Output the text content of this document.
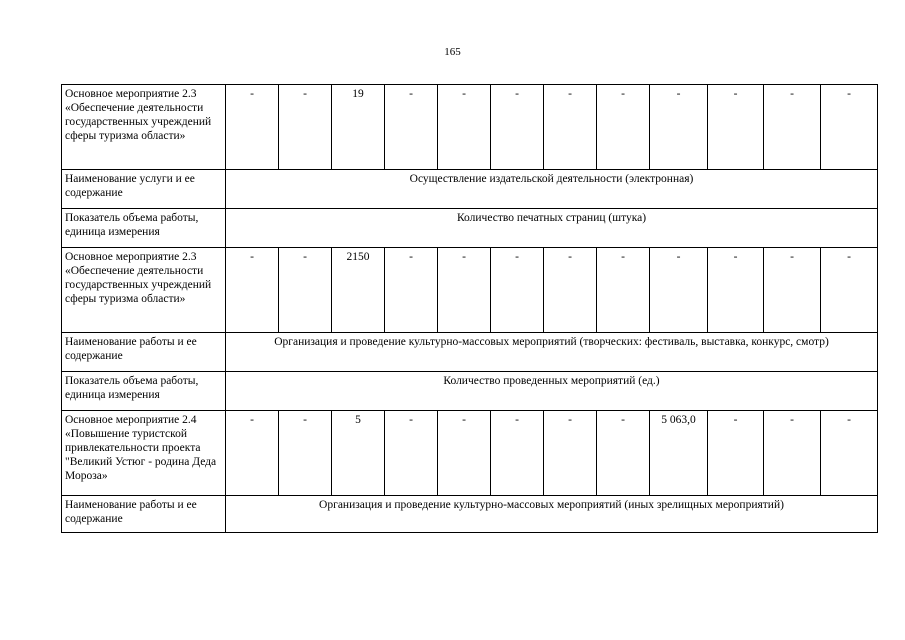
165
Основное мероприятие 2.3 «Обеспечение деятельности государственных учреждений сферы туризма области»	-	-	19	-	-	-	-	-	-	-	-	-
Наименование услуги и ее содержание	Осуществление издательской деятельности (электронная)											
Показатель объема работы, единица измерения	Количество печатных страниц (штука)											
Основное мероприятие 2.3 «Обеспечение деятельности государственных учреждений сферы туризма области»	-	-	2150	-	-	-	-	-	-	-	-	-
Наименование работы и ее содержание	Организация и проведение культурно-массовых мероприятий (творческих: фестиваль, выставка, конкурс, смотр)											
Показатель объема работы, единица измерения	Количество проведенных мероприятий (ед.)											
Основное мероприятие 2.4 «Повышение туристской привлекательности проекта "Великий Устюг - родина Деда Мороза»	-	-	5	-	-	-	-	-	5 063,0	-	-	-
Наименование работы и ее содержание	Организация и проведение культурно-массовых мероприятий (иных зрелищных мероприятий)											
